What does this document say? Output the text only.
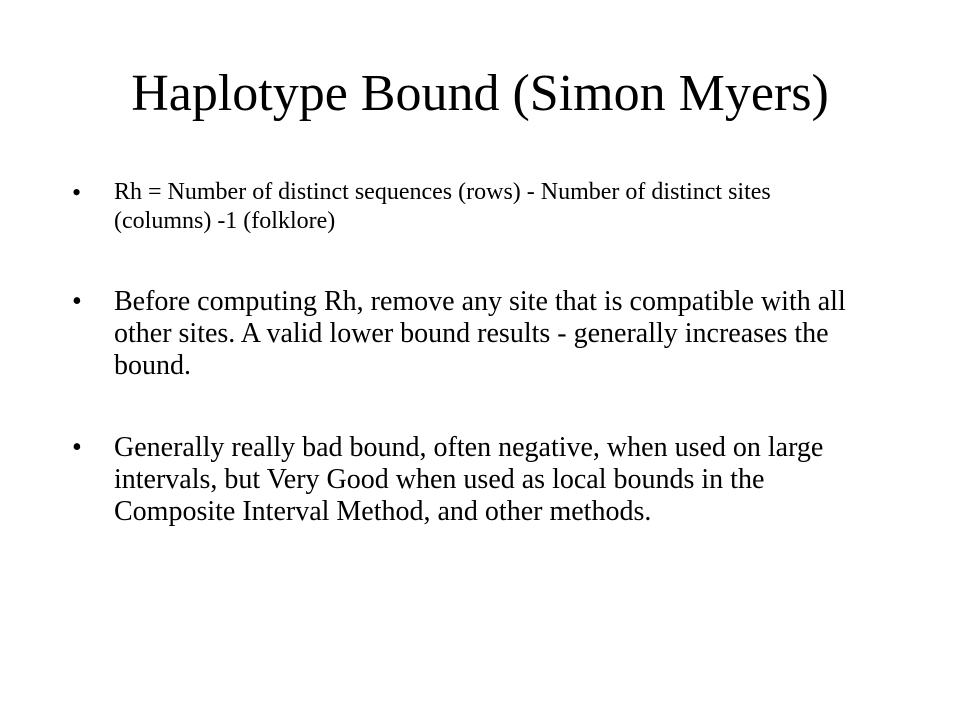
Haplotype Bound (Simon Myers)
• Rh = Number of distinct sequences (rows) - Number of distinct sites (columns) -1 (folklore)
• Before computing Rh, remove any site that is compatible with all other sites. A valid lower bound results - generally increases the bound.
• Generally really bad bound, often negative, when used on large intervals, but Very Good when used as local bounds in the Composite Interval Method, and other methods.
